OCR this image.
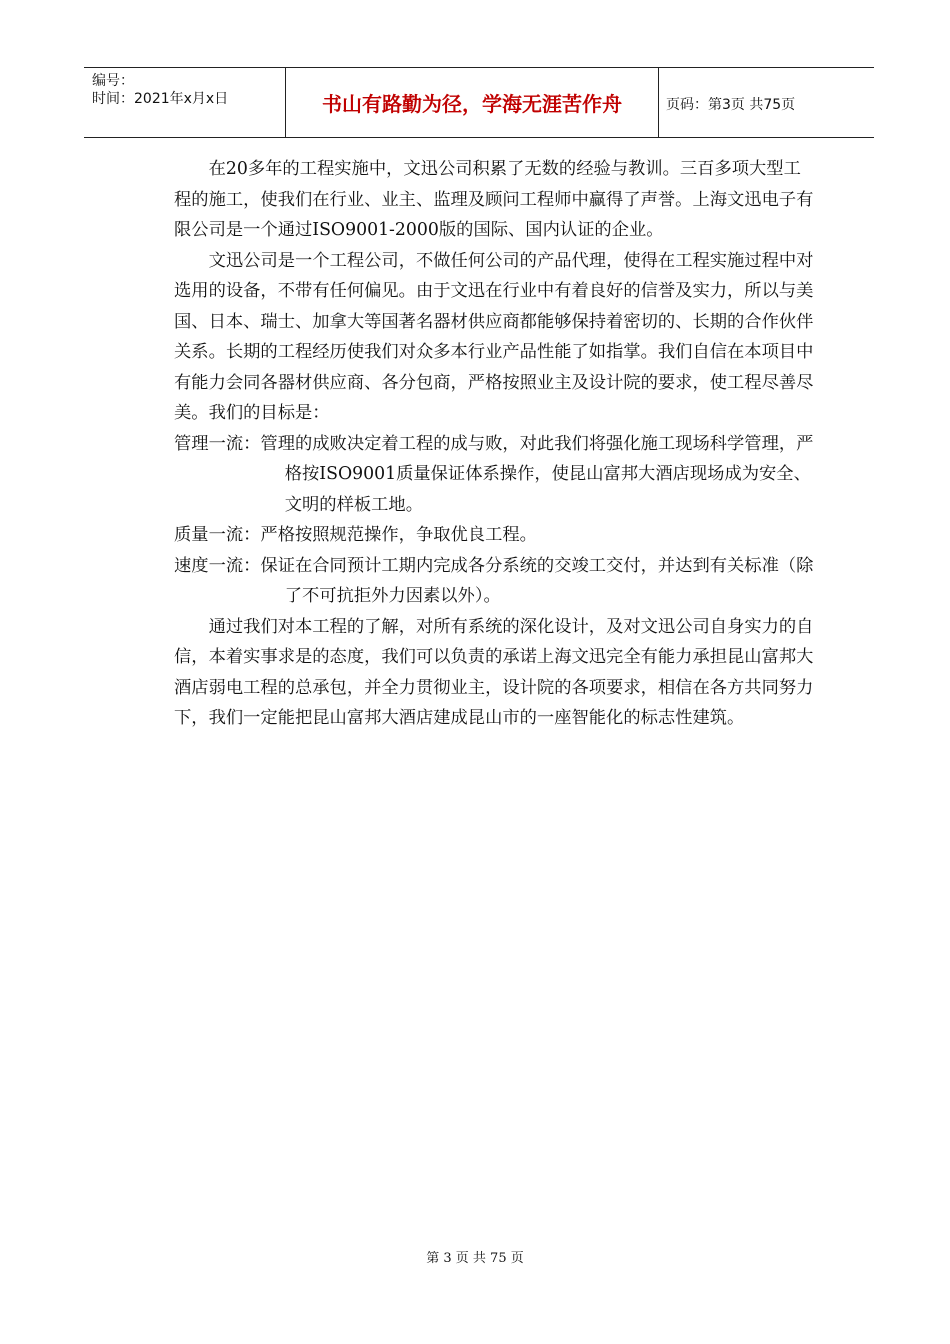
编号：
时间：2021年x月x日	书山有路勤为径，学海无涯苦作舟	页码：第3页 共75页

在20多年的工程实施中，文迅公司积累了无数的经验与教训。三百多项大型工程的施工，使我们在行业、业主、监理及顾问工程师中赢得了声誉。上海文迅电子有限公司是一个通过ISO9001-2000版的国际、国内认证的企业。

文迅公司是一个工程公司，不做任何公司的产品代理，使得在工程实施过程中对选用的设备，不带有任何偏见。由于文迅在行业中有着良好的信誉及实力，所以与美国、日本、瑞士、加拿大等国著名器材供应商都能够保持着密切的、长期的合作伙伴关系。长期的工程经历使我们对众多本行业产品性能了如指掌。我们自信在本项目中有能力会同各器材供应商、各分包商，严格按照业主及设计院的要求，使工程尽善尽美。我们的目标是：

管理一流：管理的成败决定着工程的成与败，对此我们将强化施工现场科学管理，严格按ISO9001质量保证体系操作，使昆山富邦大酒店现场成为安全、文明的样板工地。

质量一流：严格按照规范操作，争取优良工程。

速度一流：保证在合同预计工期内完成各分系统的交竣工交付，并达到有关标准（除了不可抗拒外力因素以外）。

通过我们对本工程的了解，对所有系统的深化设计，及对文迅公司自身实力的自信，本着实事求是的态度，我们可以负责的承诺上海文迅完全有能力承担昆山富邦大酒店弱电工程的总承包，并全力贯彻业主，设计院的各项要求，相信在各方共同努力下，我们一定能把昆山富邦大酒店建成昆山市的一座智能化的标志性建筑。

第 3 页 共 75 页
